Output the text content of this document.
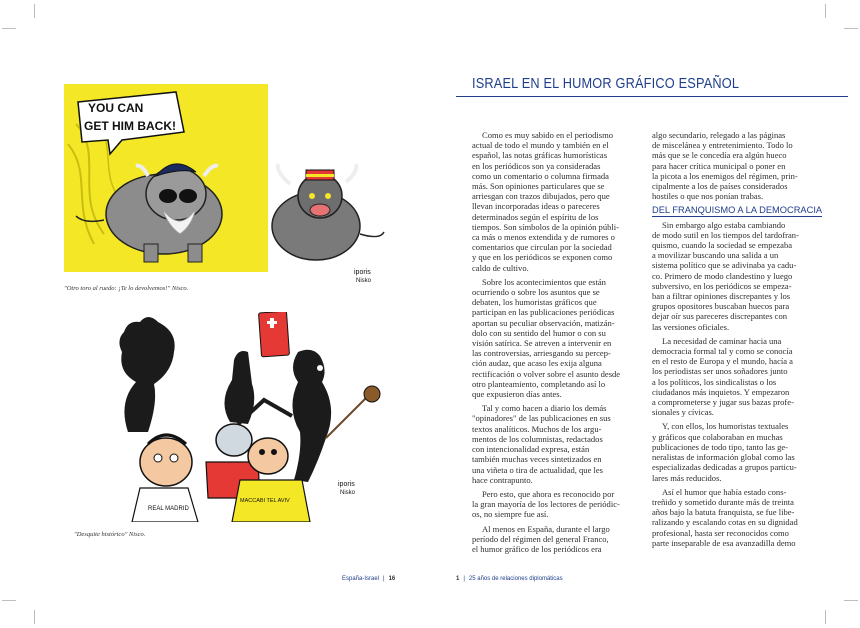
YOU CAN
GET HIM BACK!
iporis
Nisko
"Otro toro al ruedo: ¡Te lo devolvemos!" Nisco.
REAL MADRID
MACCABI TEL AVIV
iporis
Nisko
"Desquite histórico" Nisco.
España-Israel | 16
ISRAEL EN EL HUMOR GRÁFICO ESPAÑOL

Como es muy sabido en el periodismo
actual de todo el mundo y también en el
español, las notas gráficas humorísticas
en los periódicos son ya consideradas
como un comentario o columna firmada
más. Son opiniones particulares que se
arriesgan con trazos dibujados, pero que
llevan incorporadas ideas o pareceres
determinados según el espíritu de los
tiempos. Son símbolos de la opinión públi-
ca más o menos extendida y de rumores o
comentarios que circulan por la sociedad
y que en los periódicos se exponen como
caldo de cultivo.

Sobre los acontecimientos que están
ocurriendo o sobre los asuntos que se
debaten, los humoristas gráficos que
participan en las publicaciones periódicas
aportan su peculiar observación, matizán-
dolo con su sentido del humor o con su
visión satírica. Se atreven a intervenir en
las controversias, arriesgando su percep-
ción audaz, que acaso les exija alguna
rectificación o volver sobre el asunto desde
otro planteamiento, completando así lo
que expusieron días antes.

Tal y como hacen a diario los demás
"opinadores" de las publicaciones en sus
textos analíticos. Muchos de los argu-
mentos de los columnistas, redactados
con intencionalidad expresa, están
también muchas veces sintetizados en
una viñeta o tira de actualidad, que les
hace contrapunto.

Pero esto, que ahora es reconocido por
la gran mayoría de los lectores de periódic-
os, no siempre fue así.

Al menos en España, durante el largo
período del régimen del general Franco,
el humor gráfico de los periódicos era

algo secundario, relegado a las páginas
de miscelánea y entretenimiento. Todo lo
más que se le concedía era algún hueco
para hacer crítica municipal o poner en
la picota a los enemigos del régimen, prin-
cipalmente a los de países considerados
hostiles o que nos ponían trabas.

DEL FRANQUISMO A LA DEMOCRACIA

Sin embargo algo estaba cambiando
de modo sutil en los tiempos del tardofran-
quismo, cuando la sociedad se empezaba
a movilizar buscando una salida a un
sistema político que se adivinaba ya cadu-
co. Primero de modo clandestino y luego
subversivo, en los periódicos se empeza-
ban a filtrar opiniones discrepantes y los
grupos opositores buscaban huecos para
dejar oír sus pareceres discrepantes con
las versiones oficiales.

La necesidad de caminar hacia una
democracia formal tal y como se conocía
en el resto de Europa y el mundo, hacía a
los periodistas ser unos soñadores junto
a los políticos, los sindicalistas o los
ciudadanos más inquietos. Y empezaron
a comprometerse y jugar sus bazas profe-
sionales y cívicas.

Y, con ellos, los humoristas textuales
y gráficos que colaboraban en muchas
publicaciones de todo tipo, tanto las ge-
neralistas de información global como las
especializadas dedicadas a grupos particu-
lares más reducidos.

Así el humor que había estado cons-
treñido y sometido durante más de treinta
años bajo la batuta franquista, se fue libe-
ralizando y escalando cotas en su dignidad
profesional, hasta ser reconocidos como
parte inseparable de esa avanzadilla demo

1 | 25 años de relaciones diplomáticas
